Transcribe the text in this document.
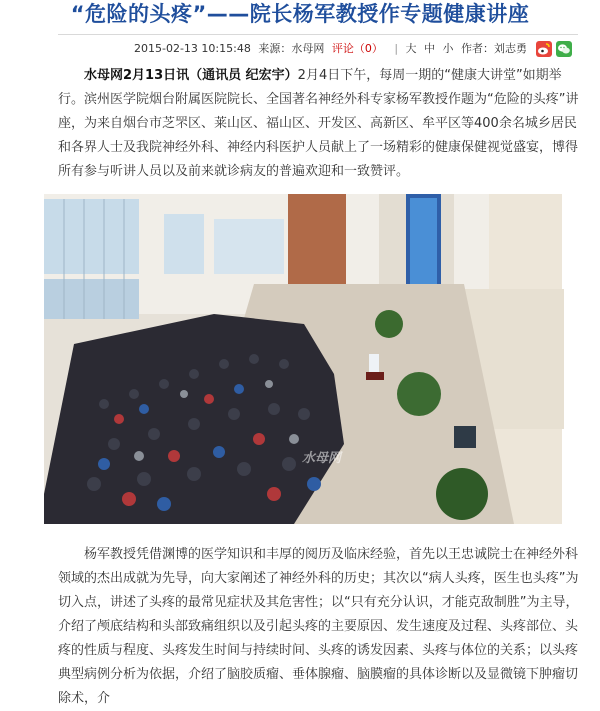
“危险的头疼”——院长杨军教授作专题健康讲座
2015-02-13 10:15:48 来源：水母网 评论（0） | 大 中 小 作者：刘志勇

水母网2月13日讯（通讯员 纪宏宇）2月4日下午，每周一期的“健康大讲堂”如期举行。滨州医学院烟台附属医院院长、全国著名神经外科专家杨军教授作题为“危险的头疼”讲座，为来自烟台市芝罘区、莱山区、福山区、开发区、高新区、牟平区等400余名城乡居民和各界人士及我院神经外科、神经内科医护人员献上了一场精彩的健康保健视觉盛宴，博得所有参与听讲人员以及前来就诊病友的普遍欢迎和一致赞评。

水母网

杨军教授凭借渊博的医学知识和丰厚的阅历及临床经验，首先以王忠诚院士在神经外科领域的杰出成就为先导，向大家阐述了神经外科的历史；其次以“病人头疼，医生也头疼”为切入点，讲述了头疼的最常见症状及其危害性；以“只有充分认识，才能克敌制胜”为主导，介绍了颅底结构和头部致痛组织以及引起头疼的主要原因、发生速度及过程、头疼部位、头疼的性质与程度、头疼发生时间与持续时间、头疼的诱发因素、头疼与体位的关系；以头疼典型病例分析为依据，介绍了脑胶质瘤、垂体腺瘤、脑膜瘤的具体诊断以及显微镜下肿瘤切除术，介
